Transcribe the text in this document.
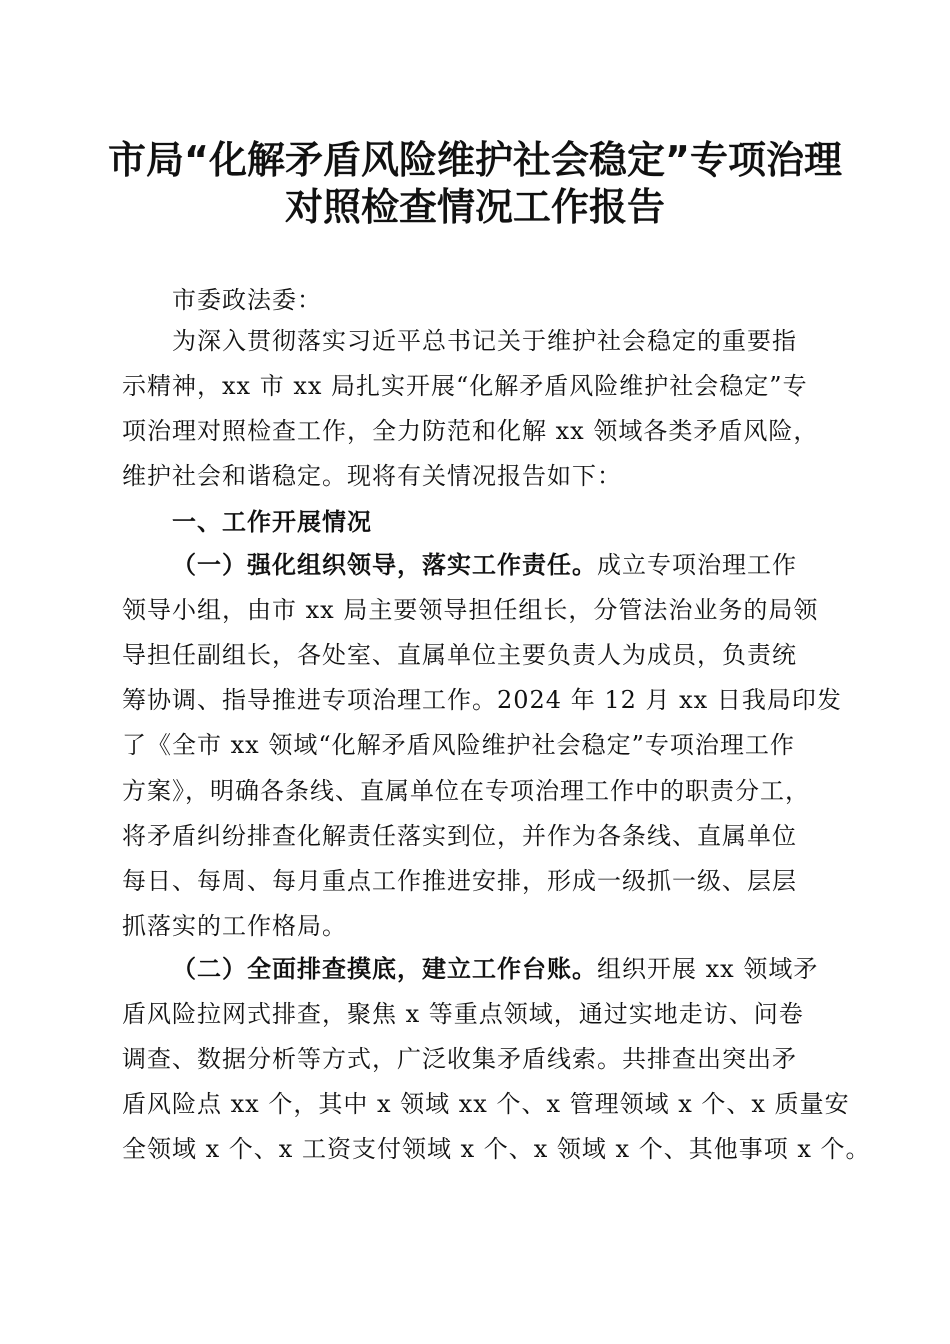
市局“化解矛盾风险维护社会稳定”专项治理
对照检查情况工作报告
市委政法委：
为深入贯彻落实习近平总书记关于维护社会稳定的重要指
示精神，xx 市 xx 局扎实开展“化解矛盾风险维护社会稳定”专
项治理对照检查工作，全力防范和化解 xx 领域各类矛盾风险，
维护社会和谐稳定。现将有关情况报告如下：
一、工作开展情况
（一）强化组织领导，落实工作责任。成立专项治理工作
领导小组，由市 xx 局主要领导担任组长，分管法治业务的局领
导担任副组长，各处室、直属单位主要负责人为成员，负责统
筹协调、指导推进专项治理工作。2024 年 12 月 xx 日我局印发
了《全市 xx 领域“化解矛盾风险维护社会稳定”专项治理工作
方案》，明确各条线、直属单位在专项治理工作中的职责分工，
将矛盾纠纷排查化解责任落实到位，并作为各条线、直属单位
每日、每周、每月重点工作推进安排，形成一级抓一级、层层
抓落实的工作格局。
（二）全面排查摸底，建立工作台账。组织开展 xx 领域矛
盾风险拉网式排查，聚焦 x 等重点领域，通过实地走访、问卷
调查、数据分析等方式，广泛收集矛盾线索。共排查出突出矛
盾风险点 xx 个，其中 x 领域 xx 个、x 管理领域 x 个、x 质量安
全领域 x 个、x 工资支付领域 x 个、x 领域 x 个、其他事项 x 个。
